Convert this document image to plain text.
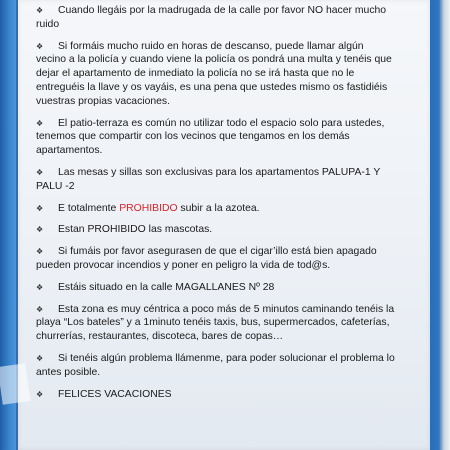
❖ Cuando llegáis por la madrugada de la calle por favor NO hacer mucho ruido
❖ Si formáis mucho ruido en horas de descanso, puede llamar algún vecino a la policía y cuando viene la policía os pondrá una multa y tenéis que dejar el apartamento de inmediato la policía no se irá hasta que no le entreguéis la llave y os vayáis, es una pena que ustedes mismo os fastidiéis vuestras propias vacaciones.
❖ El patio-terraza es común no utilizar todo el espacio solo para ustedes, tenemos que compartir con los vecinos que tengamos en los demás apartamentos.
❖ Las mesas y sillas son exclusivas para los apartamentos PALUPA-1 Y PALU -2
❖ E totalmente PROHIBIDO subir a la azotea.
❖ Estan PROHIBIDO las mascotas.
❖ Si fumáis por favor asegurasen de que el cigar’illo está bien apagado pueden provocar incendios y poner en peligro la vida de tod@s.
❖ Estáis situado en la calle MAGALLANES Nº 28
❖ Esta zona es muy céntrica a poco más de 5 minutos caminando tenéis la playa “Los bateles” y a 1minuto tenéis taxis, bus, supermercados, cafeterías, churrerías, restaurantes, discoteca, bares de copas…
❖ Si tenéis algún problema llámenme, para poder solucionar el problema lo antes posible.
❖ FELICES VACACIONES
